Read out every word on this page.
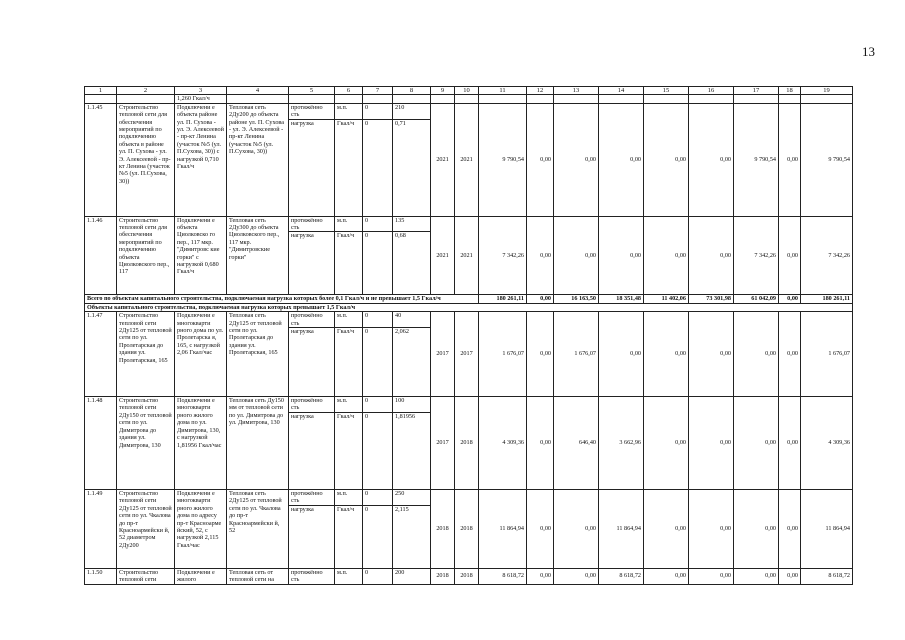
13
1	2	3	4	5	6	7	8	9	10	11	12	13	14	15	16	17	18	19
		1,260 Гкал/ч																
1.1.45	Строительство тепловой сети для обеспечения мероприятий по подключению объекта в районе ул. П. Сухова - ул. Э. Алексеевой - пр-кт Ленина (участок №5 (ул. П.Сухова, 30))	Подключени е объекта районе ул. П. Сухова - ул. Э. Алексеевой - пр-кт Ленина (участок №5 (ул. П.Сухова, 30)) с нагрузкой 0,710 Гкал/ч	Тепловая сеть 2Ду200 до объекта районе ул. П. Сухова - ул. Э. Алексеевой - пр-кт Ленина (участок №5 (ул. П.Сухова, 30))	протяжённо сть	м.п.	0	210	2021	2021	9 790,54	0,00	0,00	0,00	0,00	0,00	9 790,54	0,00	9 790,54
				нагрузка	Гкал/ч	0	0,71											
1.1.46	Строительство тепловой сети для обеспечения мероприятий по подключению объекта Циолковского пер., 117	Подключени е объекта Циолковско го пер., 117 мкр. "Димитровс кие горки" с нагрузкой 0,680 Гкал/ч	Тепловая сеть 2Ду300 до объекта Циолковского пер., 117 мкр. "Димитровские горки"	протяжённо сть	м.п.	0	135	2021	2021	7 342,26	0,00	0,00	0,00	0,00	0,00	7 342,26	0,00	7 342,26
				нагрузка	Гкал/ч	0	0,68											
Всего по объектам капитального строительства, подключаемая нагрузка которых более 0,1 Гкал/ч и не превышает 1,5 Гкал/ч										180 261,11	0,00	16 163,50	18 351,48	11 402,06	73 301,98	61 042,09	0,00	180 261,11
Объекты капитального строительства, подключаемая нагрузка которых превышает 1,5 Гкал/ч																		
1.1.47	Строительство тепловой сети 2Ду125 от тепловой сети по ул. Пролетарская до здания ул. Пролетарская, 165	Подключени е многокварти рного дома по ул. Пролетарска я, 165, с нагрузкой 2,06 Гкал/час	Тепловая сеть 2Ду125 от тепловой сети по ул. Пролетарская до здания ул. Пролетарская, 165	протяжённо сть	м.п.	0	40	2017	2017	1 676,07	0,00	1 676,07	0,00	0,00	0,00	0,00	0,00	1 676,07
				нагрузка	Гкал/ч	0	2,062											
1.1.48	Строительство тепловой сети 2Ду150 от тепловой сети по ул. Димитрова до здания ул. Димитрова, 130	Подключени е многокварти рного жилого дома по ул. Димитрова, 130, с нагрузкой 1,81956 Гкал/час	Тепловая сеть Ду150 мм от тепловой сети по ул. Димитрова до ул. Димитрова, 130	протяжённо сть	м.п.	0	100	2017	2018	4 309,36	0,00	646,40	3 662,96	0,00	0,00	0,00	0,00	4 309,36
				нагрузка	Гкал/ч	0	1,81956											
1.1.49	Строительство тепловой сети 2Ду125 от тепловой сети по ул. Чкалова до пр-т Красноармейски й, 52 диаметром 2Ду200	Подключени е многокварти рного жилого дома по адресу пр-т Красноарме йский, 52, с нагрузкой 2,115 Гкал/час	Тепловая сеть 2Ду125 от тепловой сети по ул. Чкалова до пр-т Красноармейски й, 52	протяжённо сть	м.п.	0	250	2018	2018	11 864,94	0,00	0,00	11 864,94	0,00	0,00	0,00	0,00	11 864,94
				нагрузка	Гкал/ч	0	2,115											
1.1.50	Строительство тепловой сети	Подключени е жилого	Тепловая сеть от тепловой сети на	протяжённо сть	м.п.	0	200	2018	2018	8 618,72	0,00	0,00	8 618,72	0,00	0,00	0,00	0,00	8 618,72
